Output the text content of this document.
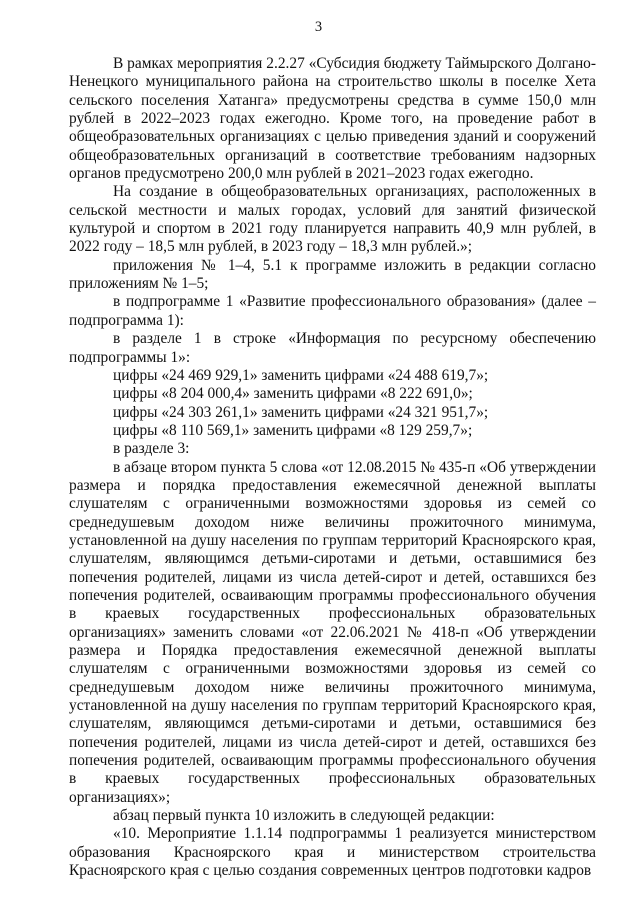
3

В рамках мероприятия 2.2.27 «Субсидия бюджету Таймырского Долгано-Ненецкого муниципального района на строительство школы в поселке Хета сельского поселения Хатанга» предусмотрены средства в сумме 150,0 млн рублей в 2022–2023 годах ежегодно. Кроме того, на проведение работ в общеобразовательных организациях с целью приведения зданий и сооружений общеобразовательных организаций в соответствие требованиям надзорных органов предусмотрено 200,0 млн рублей в 2021–2023 годах ежегодно.

На создание в общеобразовательных организациях, расположенных в сельской местности и малых городах, условий для занятий физической культурой и спортом в 2021 году планируется направить 40,9 млн рублей, в 2022 году – 18,5 млн рублей, в 2023 году – 18,3 млн рублей.»;

приложения № 1–4, 5.1 к программе изложить в редакции согласно приложениям № 1–5;

в подпрограмме 1 «Развитие профессионального образования» (далее – подпрограмма 1):

в разделе 1 в строке «Информация по ресурсному обеспечению подпрограммы 1»:

цифры «24 469 929,1» заменить цифрами «24 488 619,7»;

цифры «8 204 000,4» заменить цифрами «8 222 691,0»;

цифры «24 303 261,1» заменить цифрами «24 321 951,7»;

цифры «8 110 569,1» заменить цифрами «8 129 259,7»;

в разделе 3:

в абзаце втором пункта 5 слова «от 12.08.2015 № 435-п «Об утверждении размера и порядка предоставления ежемесячной денежной выплаты слушателям с ограниченными возможностями здоровья из семей со среднедушевым доходом ниже величины прожиточного минимума, установленной на душу населения по группам территорий Красноярского края, слушателям, являющимся детьми-сиротами и детьми, оставшимися без попечения родителей, лицами из числа детей-сирот и детей, оставшихся без попечения родителей, осваивающим программы профессионального обучения в краевых государственных профессиональных образовательных организациях» заменить словами «от 22.06.2021 № 418-п «Об утверждении размера и Порядка предоставления ежемесячной денежной выплаты слушателям с ограниченными возможностями здоровья из семей со среднедушевым доходом ниже величины прожиточного минимума, установленной на душу населения по группам территорий Красноярского края, слушателям, являющимся детьми-сиротами и детьми, оставшимися без попечения родителей, лицами из числа детей-сирот и детей, оставшихся без попечения родителей, осваивающим программы профессионального обучения в краевых государственных профессиональных образовательных организациях»;

абзац первый пункта 10 изложить в следующей редакции:

«10. Мероприятие 1.1.14 подпрограммы 1 реализуется министерством образования Красноярского края и министерством строительства Красноярского края с целью создания современных центров подготовки кадров
